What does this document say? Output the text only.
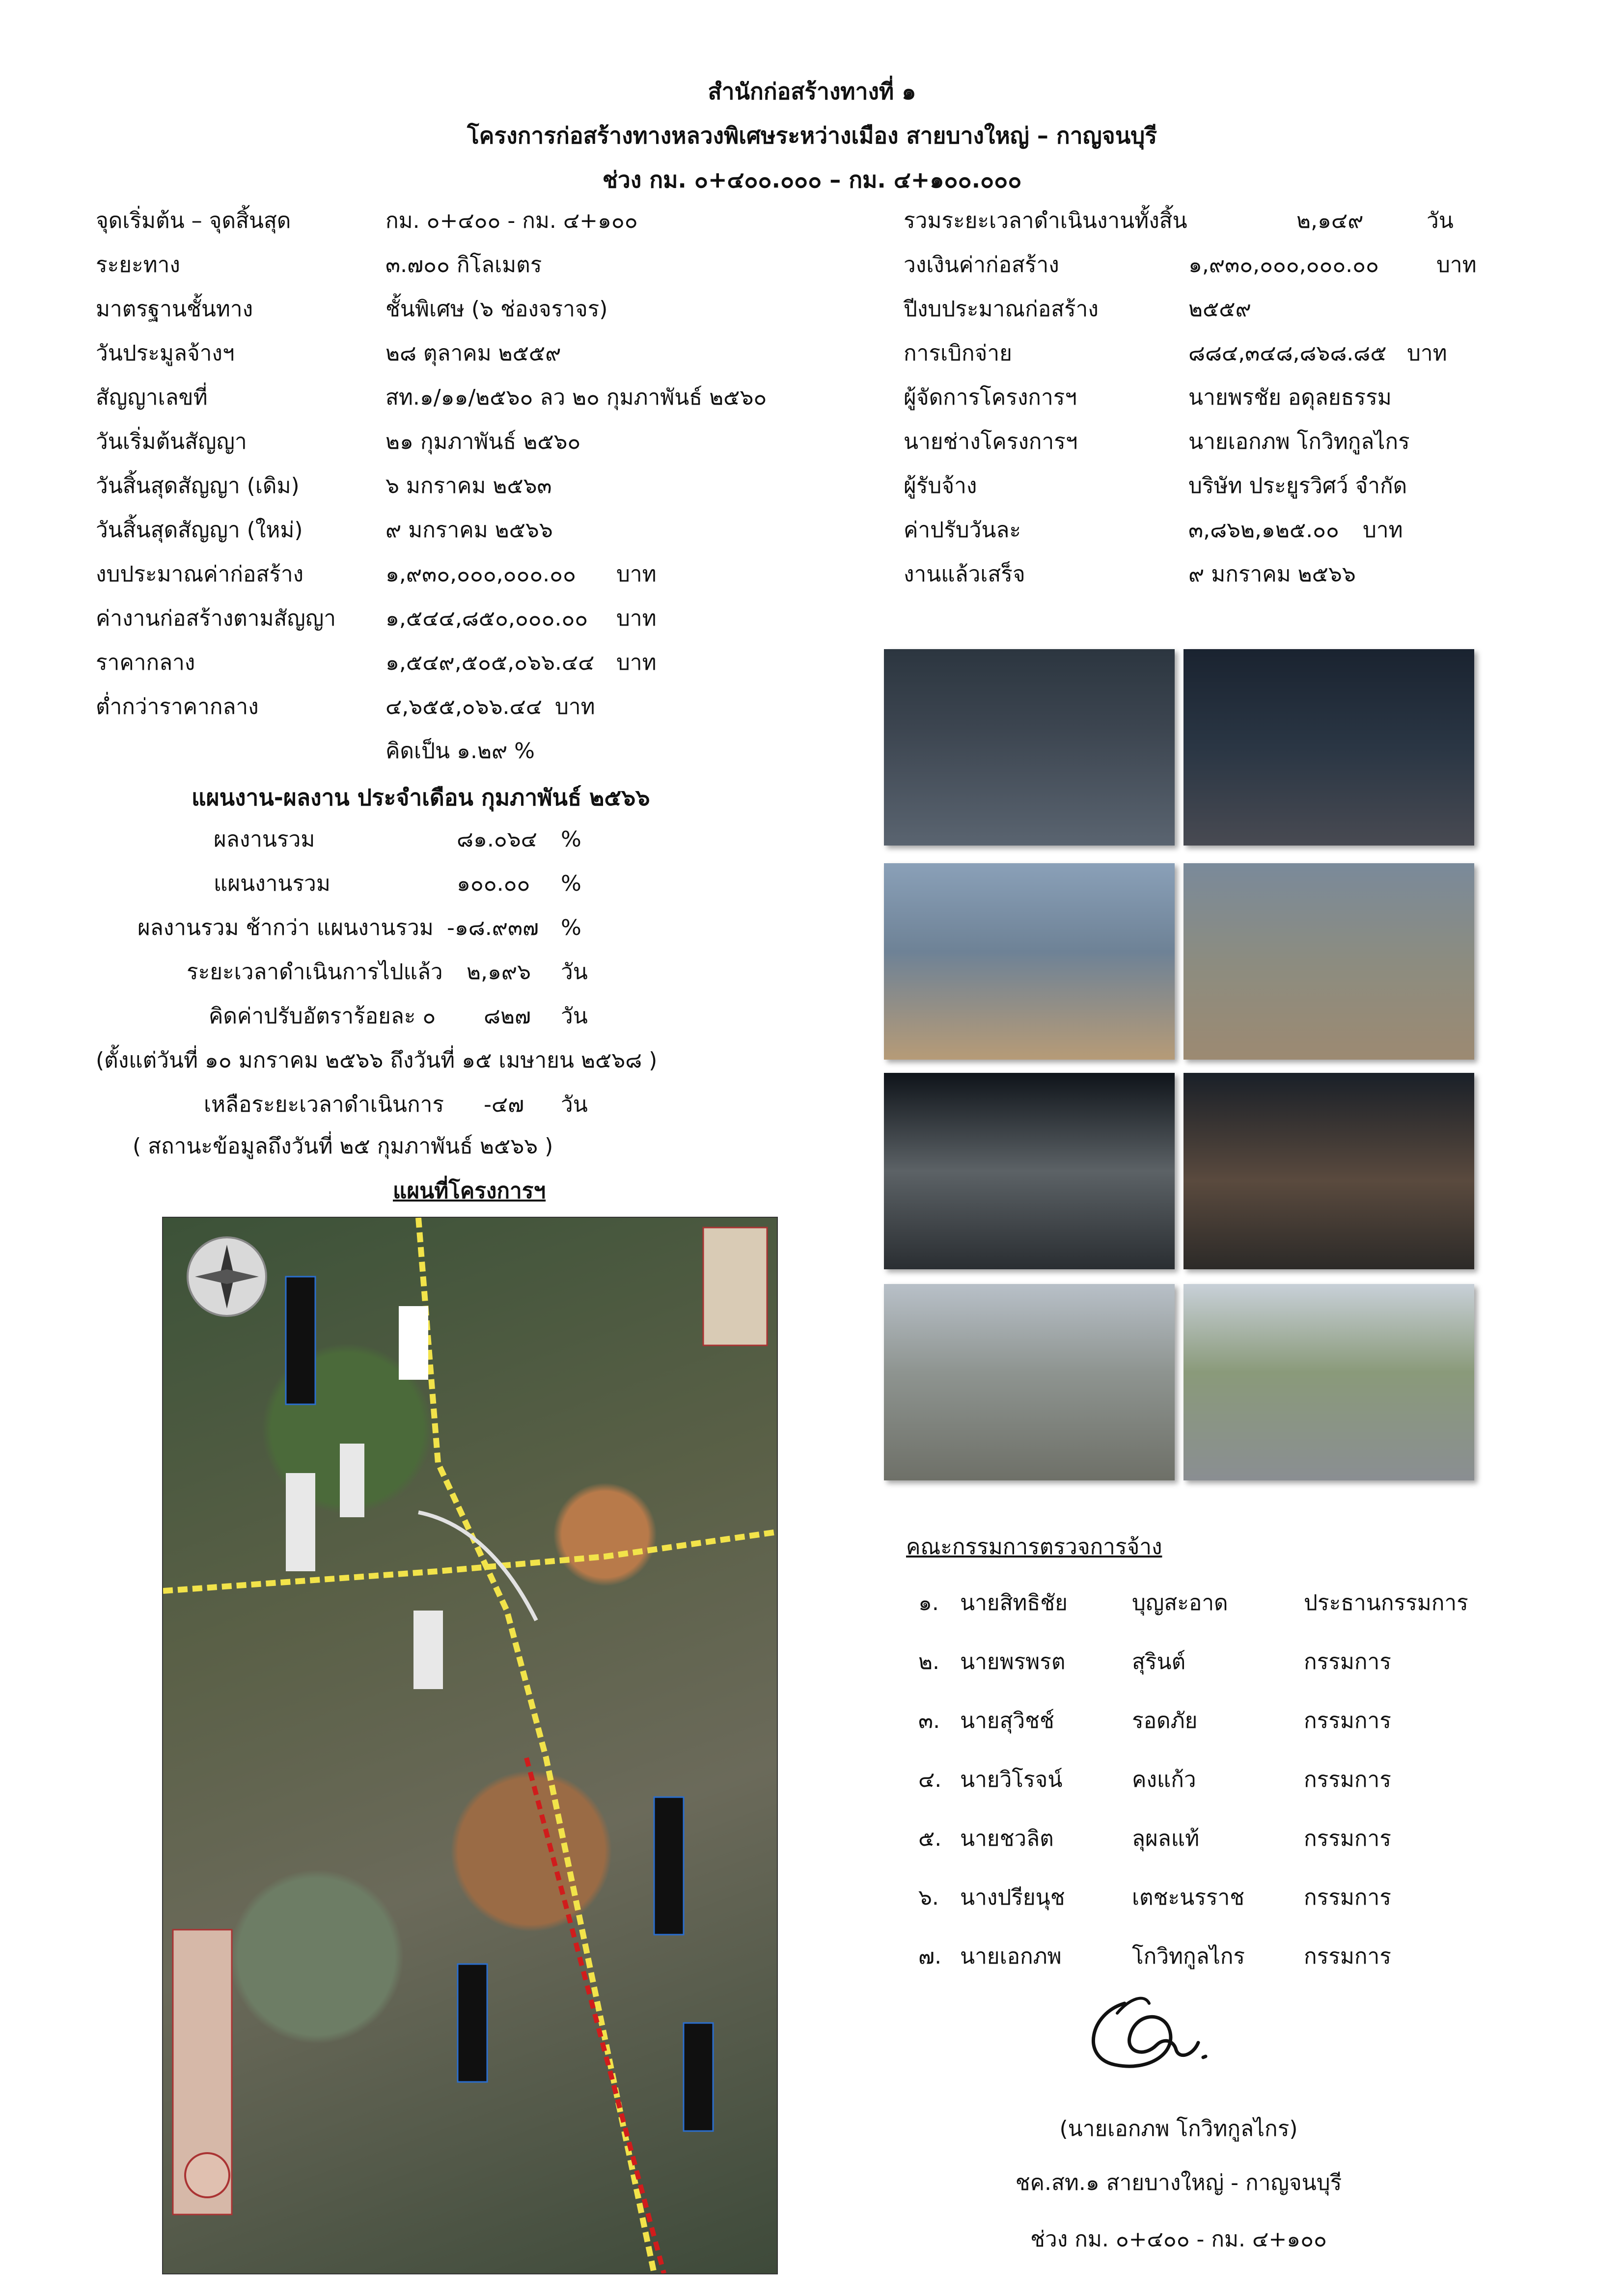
สำนักก่อสร้างทางที่ ๑
โครงการก่อสร้างทางหลวงพิเศษระหว่างเมือง สายบางใหญ่ – กาญจนบุรี
ช่วง กม. ๐+๔๐๐.๐๐๐ – กม. ๔+๑๐๐.๐๐๐
จุดเริ่มต้น – จุดสิ้นสุด	กม. ๐+๔๐๐ - กม. ๔+๑๐๐
ระยะทาง	๓.๗๐๐ กิโลเมตร
มาตรฐานชั้นทาง	ชั้นพิเศษ (๖ ช่องจราจร)
วันประมูลจ้างฯ	๒๘ ตุลาคม ๒๕๕๙
สัญญาเลขที่	สท.๑/๑๑/๒๕๖๐ ลว ๒๐ กุมภาพันธ์ ๒๕๖๐
วันเริ่มต้นสัญญา	๒๑ กุมภาพันธ์ ๒๕๖๐
วันสิ้นสุดสัญญา (เดิม)	๖ มกราคม ๒๕๖๓
วันสิ้นสุดสัญญา (ใหม่)	๙ มกราคม ๒๕๖๖
งบประมาณค่าก่อสร้าง	๑,๙๓๐,๐๐๐,๐๐๐.๐๐ บาท
ค่างานก่อสร้างตามสัญญา ๑,๕๔๔,๘๕๐,๐๐๐.๐๐ บาท
ราคากลาง	๑,๕๔๙,๕๐๕,๐๖๖.๔๔ บาท
ต่ำกว่าราคากลาง	๔,๖๕๕,๐๖๖.๔๔ บาท
คิดเป็น ๑.๒๙ %
รวมระยะเวลาดำเนินงานทั้งสิ้น	๒,๑๔๙	วัน
วงเงินค่าก่อสร้าง	๑,๙๓๐,๐๐๐,๐๐๐.๐๐	บาท
ปีงบประมาณก่อสร้าง	๒๕๕๙
การเบิกจ่าย	๘๘๔,๓๔๘,๘๖๘.๘๕ บาท
ผู้จัดการโครงการฯ	นายพรชัย อดุลยธรรม
นายช่างโครงการฯ	นายเอกภพ โกวิทกูลไกร
ผู้รับจ้าง	บริษัท ประยูรวิศว์ จำกัด
ค่าปรับวันละ	๓,๘๖๒,๑๒๕.๐๐ บาท
งานแล้วเสร็จ	๙ มกราคม ๒๕๖๖
แผนงาน-ผลงาน ประจำเดือน กุมภาพันธ์ ๒๕๖๖
ผลงานรวม	๘๑.๐๖๔ %
แผนงานรวม	๑๐๐.๐๐ %
ผลงานรวม ช้ากว่า แผนงานรวม -๑๘.๙๓๗ %
ระยะเวลาดำเนินการไปแล้ว ๒,๑๙๖ วัน
คิดค่าปรับอัตราร้อยละ ๐ ๘๒๗ วัน
(ตั้งแต่วันที่ ๑๐ มกราคม ๒๕๖๖ ถึงวันที่ ๑๕ เมษายน ๒๕๖๘ )
เหลือระยะเวลาดำเนินการ -๔๗ วัน
( สถานะข้อมูลถึงวันที่ ๒๕ กุมภาพันธ์ ๒๕๖๖ )
แผนที่โครงการฯ
คณะกรรมการตรวจการจ้าง
๑. นายสิทธิชัย	บุญสะอาด	ประธานกรรมการ
๒. นายพรพรต	สุรินต์	กรรมการ
๓. นายสุวิชช์	รอดภัย	กรรมการ
๔. นายวิโรจน์	คงแก้ว	กรรมการ
๕. นายชวลิต	ลุผลแท้	กรรมการ
๖. นางปรียนุช	เตชะนรราช	กรรมการ
๗. นายเอกภพ	โกวิทกูลไกร	กรรมการ
(นายเอกภพ โกวิทกูลไกร)
ชค.สท.๑ สายบางใหญ่ - กาญจนบุรี
ช่วง กม. ๐+๔๐๐ - กม. ๔+๑๐๐
